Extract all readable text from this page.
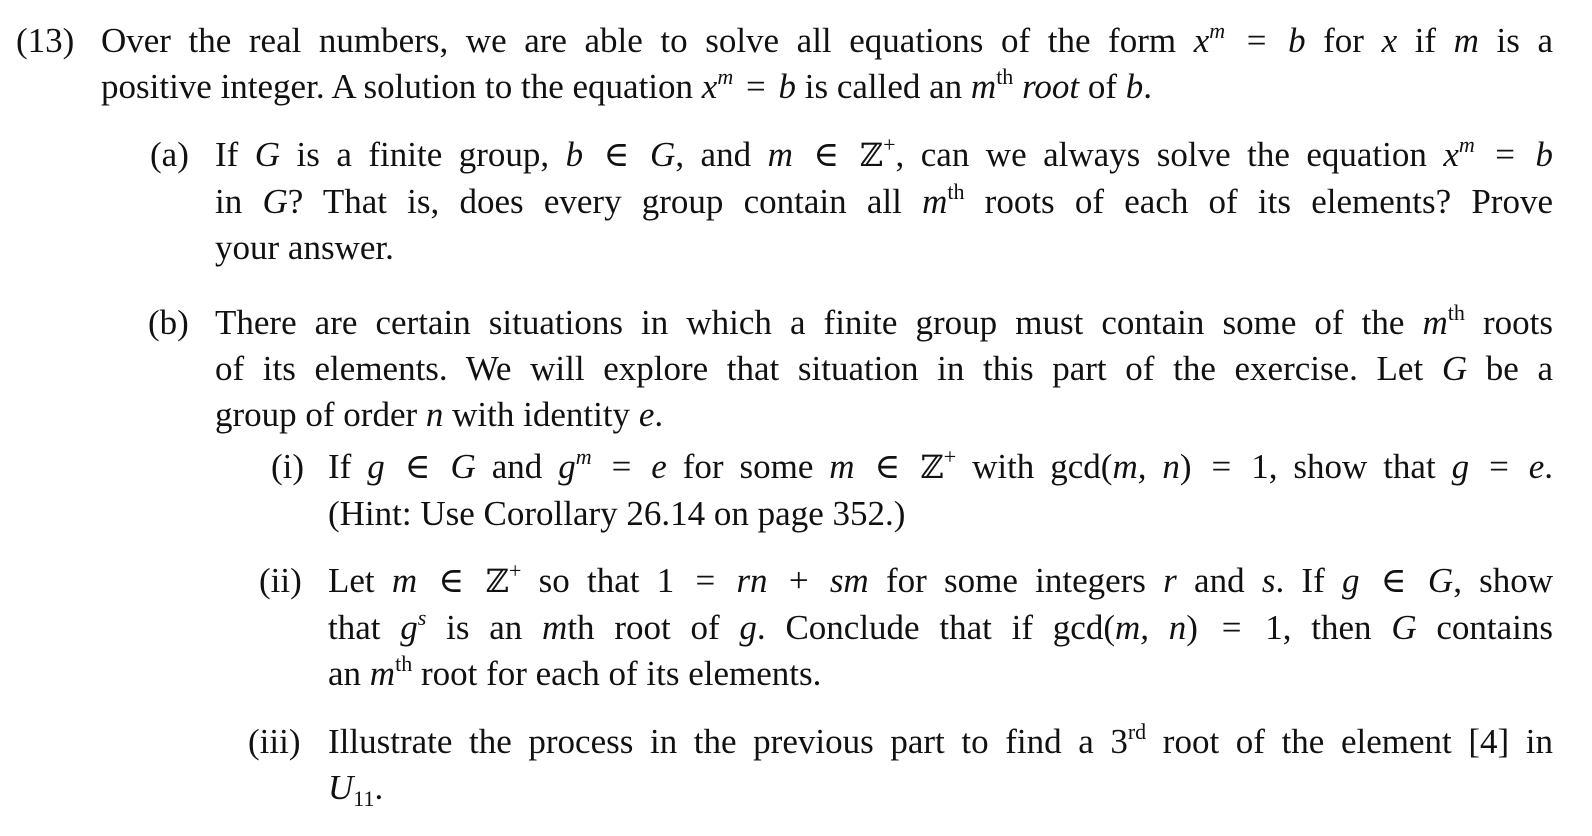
(13) Over the real numbers, we are able to solve all equations of the form $x^m = b$ for x if m is a
positive integer. A solution to the equation $x^m = b$ is called an $m^{th}$ root of b.
(a) If G is a finite group, b ∈ G, and m ∈ ℤ+, can we always solve the equation $x^m = b$
in G? That is, does every group contain all $m^{th}$ roots of each of its elements? Prove
your answer.
(b) There are certain situations in which a finite group must contain some of the $m^{th}$ roots
of its elements. We will explore that situation in this part of the exercise. Let G be a
group of order n with identity e.
(i) If g ∈ G and $g^m = e$ for some m ∈ ℤ+ with gcd(m, n) = 1, show that g = e.
(Hint: Use Corollary 26.14 on page 352.)
(ii) Let m ∈ ℤ+ so that 1 = rn + sm for some integers r and s. If g ∈ G, show
that $g^s$ is an mth root of g. Conclude that if gcd(m, n) = 1, then G contains
an $m^{th}$ root for each of its elements.
(iii) Illustrate the process in the previous part to find a 3rd root of the element [4] in
$U_{11}$.
